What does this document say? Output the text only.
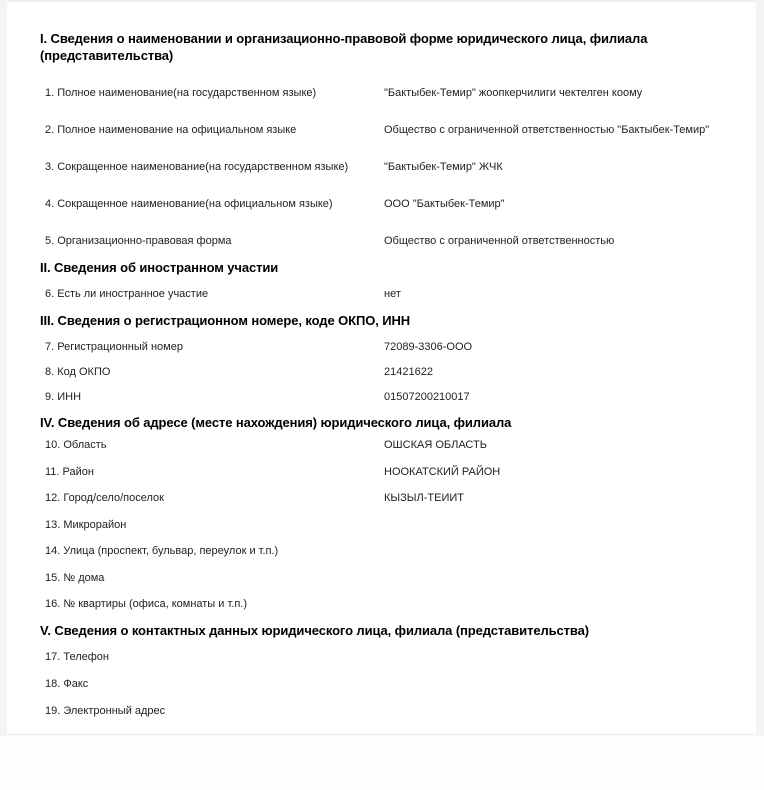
I. Сведения о наименовании и организационно-правовой форме юридического лица, филиала (представительства)
1. Полное наименование(на государственном языке)	"Бактыбек-Темир" жоопкерчилиги чектелген коому
2. Полное наименование на официальном языке	Общество с ограниченной ответственностью "Бактыбек-Темир"
3. Сокращенное наименование(на государственном языке)	"Бактыбек-Темир" ЖЧК
4. Сокращенное наименование(на официальном языке)	ООО "Бактыбек-Темир"
5. Организационно-правовая форма	Общество с ограниченной ответственностью
II. Сведения об иностранном участии
6. Есть ли иностранное участие	нет
III. Сведения о регистрационном номере, коде ОКПО, ИНН
7. Регистрационный номер	72089-3306-ООО
8. Код ОКПО	21421622
9. ИНН	01507200210017
IV. Сведения об адресе (месте нахождения) юридического лица, филиала
10. Область	ОШСКАЯ ОБЛАСТЬ
11. Район	НООКАТСКИЙ РАЙОН
12. Город/село/поселок	КЫЗЫЛ-ТЕИИТ
13. Микрорайон
14. Улица (проспект, бульвар, переулок и т.п.)
15. № дома
16. № квартиры (офиса, комнаты и т.п.)
V. Сведения о контактных данных юридического лица, филиала (представительства)
17. Телефон
18. Факс
19. Электронный адрес
